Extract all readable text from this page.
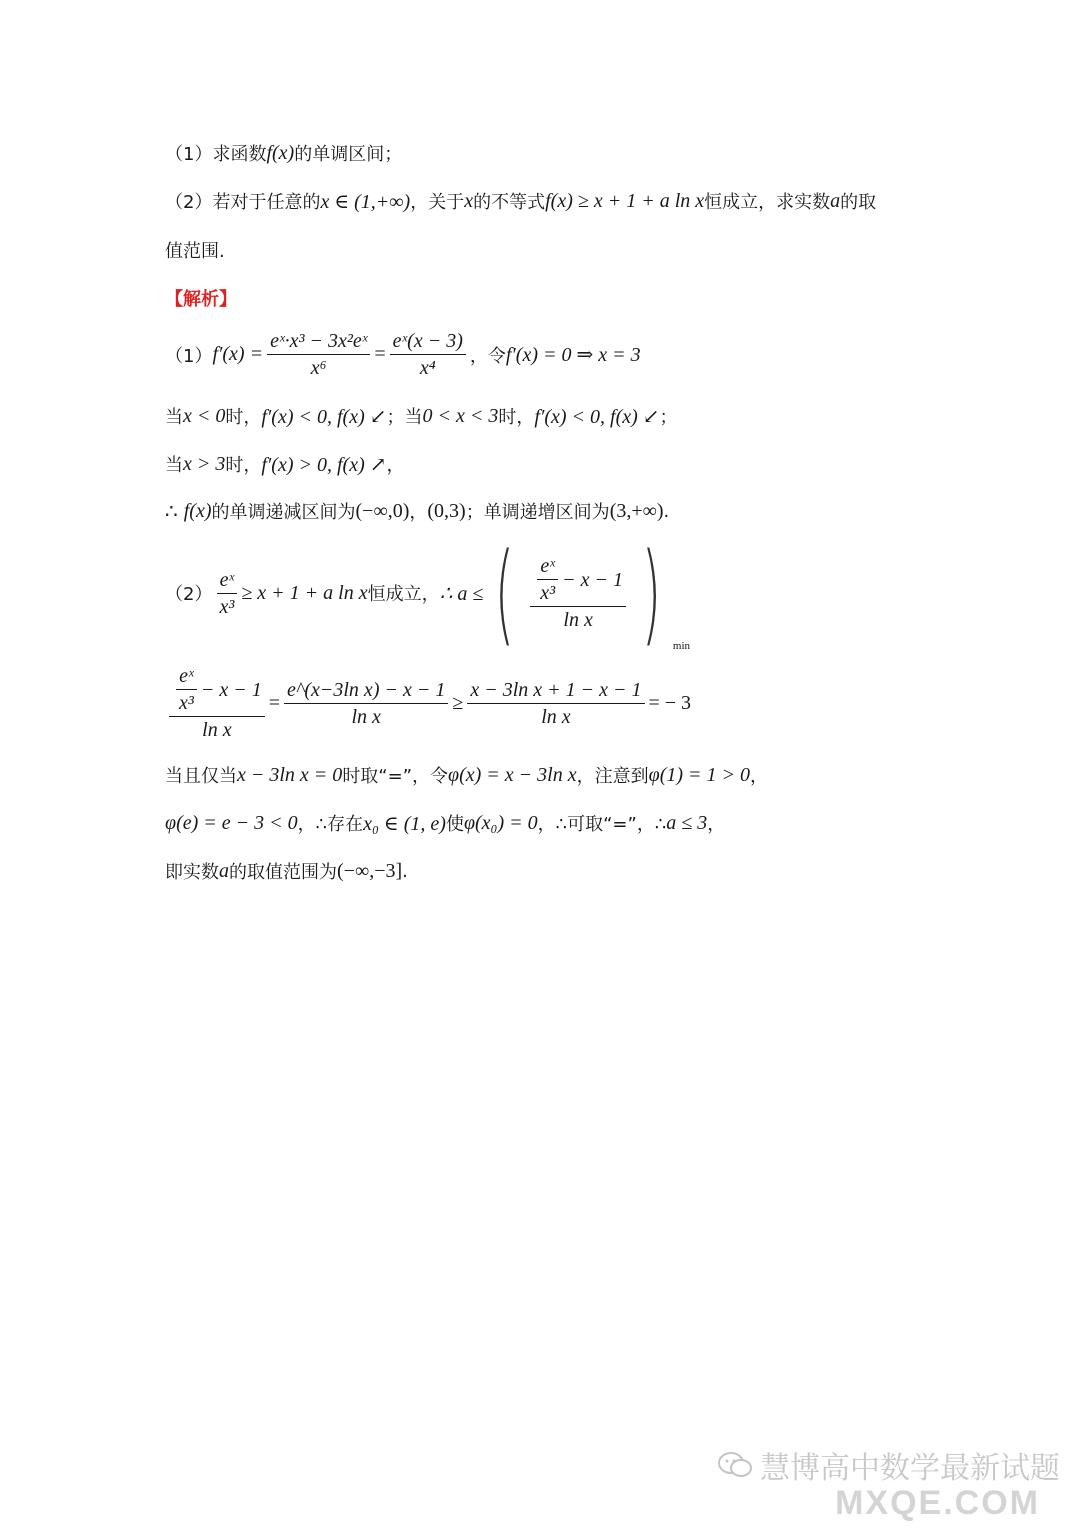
（1）求函数 f(x) 的单调区间；
（2）若对于任意的 x ∈ (1,+∞) ，关于 x 的不等式 f(x) ≥ x + 1 + a ln x 恒成立，求实数 a 的取
值范围.
【解析】
（1） $f'(x) = \frac{\text{eˣ·x³ − 3x²eˣ}}{\text{x⁶}} = \frac{\text{eˣ(x − 3)}}{\text{x⁴}}$ ，令 f′(x) = 0 ⇒ x = 3
当 x < 0 时， f′(x) < 0, f(x) ↙ ；当 0 < x < 3 时， f′(x) < 0, f(x) ↙ ；
当 x > 3 时， f′(x) > 0, f(x) ↗ ，
∴ f(x) 的单调递减区间为 (−∞,0) ， (0,3) ；单调递增区间为 (3,+∞) .
$(2) \frac{\text{eˣ}}{\text{x³}} \ge x + 1 + a$ ln x 恒成立， ∴ a ≤ ( $\frac{\frac{\text{eˣ}}{\text{x³}} - x - 1}{\text{ln x}}$ ) min
$\frac{\frac{\text{eˣ}}{\text{x³}} - x - 1}{\text{ln x}} = \frac{\text{e\textasciicircum{}(x−3ln x) − x − 1}}{\text{ln x}} \ge \frac{\text{x − 3ln x + 1 − x − 1}}{\text{ln x}}$ = − 3
当且仅当 x − 3ln x = 0 时取“=”，令 φ(x) = x − 3ln x ，注意到 φ(1) = 1 > 0 ，
φ(e) = e − 3 < 0 ，∴存在 x₀ ∈ (1, e) 使 φ(x₀) = 0 ，∴可取“=”，∴ a ≤ 3 ，
即实数 a 的取值范围为 (−∞,−3] .
慧博高中数学最新试题
MXQE.COM
